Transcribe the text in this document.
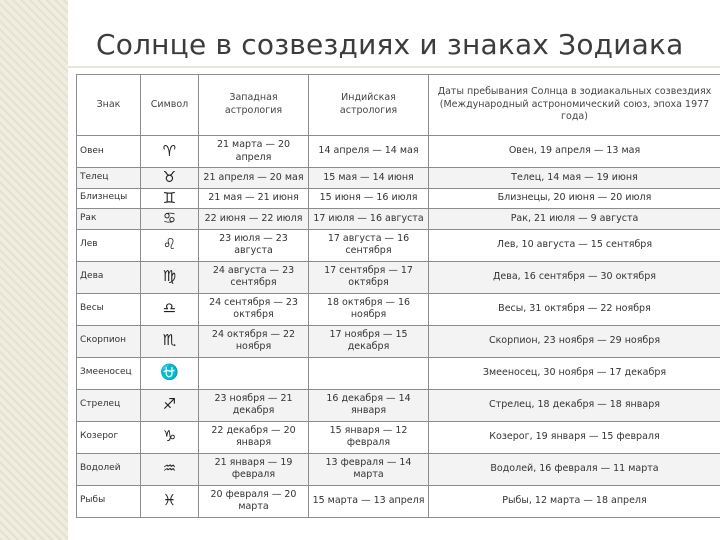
Солнце в созвездиях и знаках Зодиака
Знак	Символ	Западная астрология	Индийская астрология	Даты пребывания Солнца в зодиакальных созвездиях (Международный астрономический союз, эпоха 1977 года)
Овен	♈	21 марта — 20 апреля	14 апреля — 14 мая	Овен, 19 апреля — 13 мая
Телец	♉	21 апреля — 20 мая	15 мая — 14 июня	Телец, 14 мая — 19 июня
Близнецы	♊	21 мая — 21 июня	15 июня — 16 июля	Близнецы, 20 июня — 20 июля
Рак	♋	22 июня — 22 июля	17 июля — 16 августа	Рак, 21 июля — 9 августа
Лев	♌	23 июля — 23 августа	17 августа — 16 сентября	Лев, 10 августа — 15 сентября
Дева	♍	24 августа — 23 сентября	17 сентября — 17 октября	Дева, 16 сентября — 30 октября
Весы	♎	24 сентября — 23 октября	18 октября — 16 ноября	Весы, 31 октября — 22 ноября
Скорпион	♏	24 октября — 22 ноября	17 ноября — 15 декабря	Скорпион, 23 ноября — 29 ноября
Змееносец	⛎			Змееносец, 30 ноября — 17 декабря
Стрелец	♐	23 ноября — 21 декабря	16 декабря — 14 января	Стрелец, 18 декабря — 18 января
Козерог	♑	22 декабря — 20 января	15 января — 12 февраля	Козерог, 19 января — 15 февраля
Водолей	♒	21 января — 19 февраля	13 февраля — 14 марта	Водолей, 16 февраля — 11 марта
Рыбы	♓	20 февраля — 20 марта	15 марта — 13 апреля	Рыбы, 12 марта — 18 апреля
